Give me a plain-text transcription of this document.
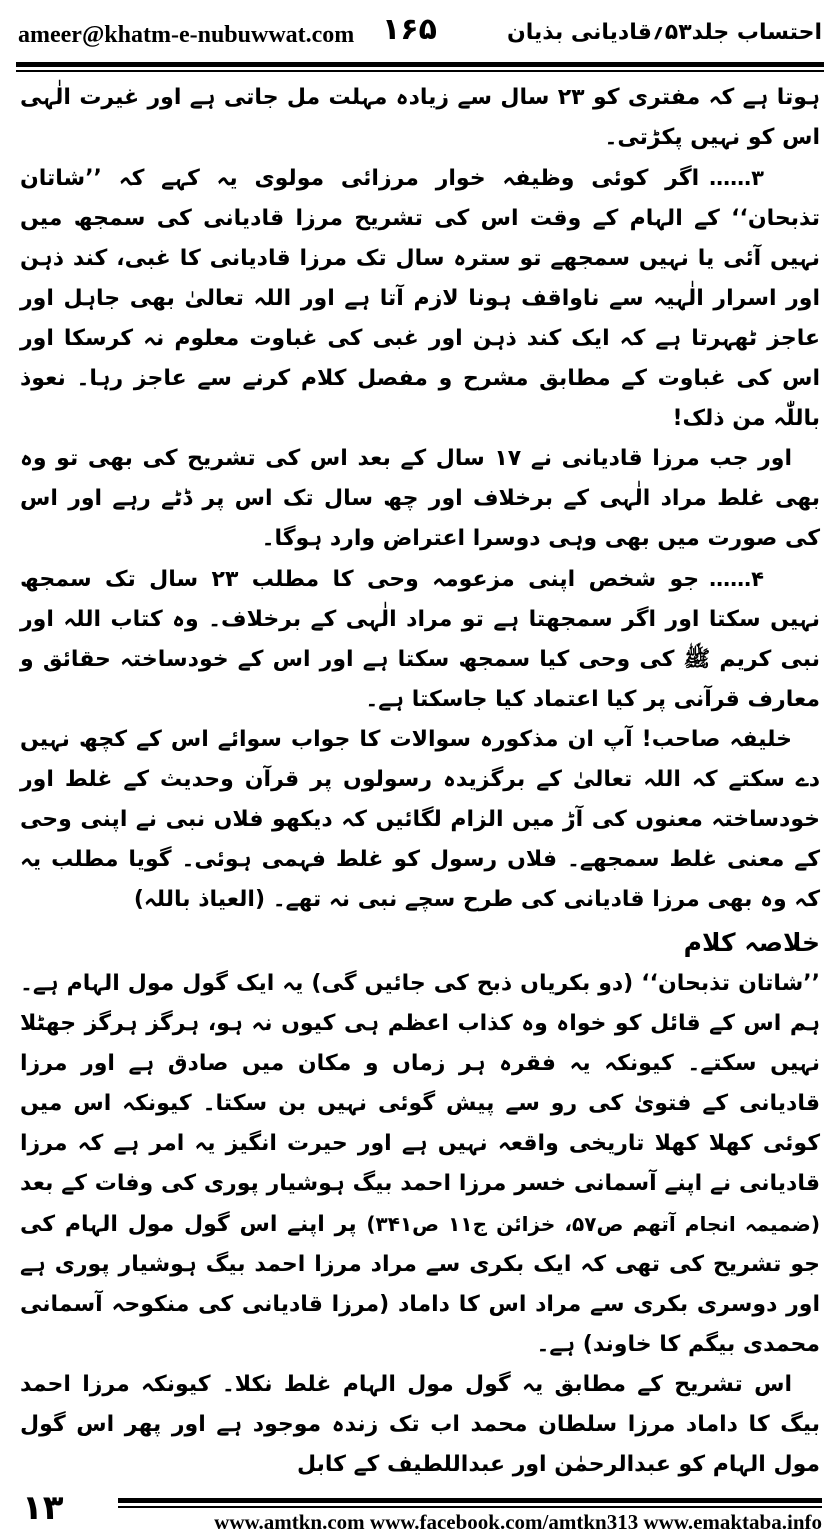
ameer@khatm-e-nubuwwat.com ۱۶۵	احتساب جلد۵۳؍قادیانی بذیان

ہوتا ہے کہ مفتری کو ۲۳ سال سے زیادہ مہلت مل جاتی ہے اور غیرت الٰہی اس کو نہیں پکڑتی۔

۳……اگر کوئی وظیفہ خوار مرزائی مولوی یہ کہے کہ ’’شاتان تذبحان‘‘ کے الہام کے وقت اس کی تشریح مرزا قادیانی کی سمجھ میں نہیں آئی یا نہیں سمجھے تو سترہ سال تک مرزا قادیانی کا غبی، کند ذہن اور اسرار الٰہیہ سے ناواقف ہونا لازم آتا ہے اور اللہ تعالیٰ بھی جاہل اور عاجز ٹھہرتا ہے کہ ایک کند ذہن اور غبی کی غباوت معلوم نہ کرسکا اور اس کی غباوت کے مطابق مشرح و مفصل کلام کرنے سے عاجز رہا۔ نعوذ باللّٰہ من ذلک!

اور جب مرزا قادیانی نے ۱۷ سال کے بعد اس کی تشریح کی بھی تو وہ بھی غلط مراد الٰہی کے برخلاف اور چھ سال تک اس پر ڈٹے رہے اور اس کی صورت میں بھی وہی دوسرا اعتراض وارد ہوگا۔

۴……جو شخص اپنی مزعومہ وحی کا مطلب ۲۳ سال تک سمجھ نہیں سکتا اور اگر سمجھتا ہے تو مراد الٰہی کے برخلاف۔ وہ کتاب اللہ اور نبی کریم ﷺ کی وحی کیا سمجھ سکتا ہے اور اس کے خودساختہ حقائق و معارف قرآنی پر کیا اعتماد کیا جاسکتا ہے۔

خلیفہ صاحب! آپ ان مذکورہ سوالات کا جواب سوائے اس کے کچھ نہیں دے سکتے کہ اللہ تعالیٰ کے برگزیدہ رسولوں پر قرآن وحدیث کے غلط اور خودساختہ معنوں کی آڑ میں الزام لگائیں کہ دیکھو فلاں نبی نے اپنی وحی کے معنی غلط سمجھے۔ فلاں رسول کو غلط فہمی ہوئی۔ گویا مطلب یہ کہ وہ بھی مرزا قادیانی کی طرح سچے نبی نہ تھے۔ (العیاذ باللہ)

خلاصہ کلام

’’شاتان تذبحان‘‘ (دو بکریاں ذبح کی جائیں گی) یہ ایک گول مول الہام ہے۔ ہم اس کے قائل کو خواہ وہ کذاب اعظم ہی کیوں نہ ہو، ہرگز ہرگز جھٹلا نہیں سکتے۔ کیونکہ یہ فقرہ ہر زماں و مکان میں صادق ہے اور مرزا قادیانی کے فتویٰ کی رو سے پیش گوئی نہیں بن سکتا۔ کیونکہ اس میں کوئی کھلا کھلا تاریخی واقعہ نہیں ہے اور حیرت انگیز یہ امر ہے کہ مرزا قادیانی نے اپنے آسمانی خسر مرزا احمد بیگ ہوشیار پوری کی وفات کے بعد (ضمیمہ انجام آتھم ص۵۷، خزائن ج۱۱ ص۳۴۱) پر اپنے اس گول مول الہام کی جو تشریح کی تھی کہ ایک بکری سے مراد مرزا احمد بیگ ہوشیار پوری ہے اور دوسری بکری سے مراد اس کا داماد (مرزا قادیانی کی منکوحہ آسمانی محمدی بیگم کا خاوند) ہے۔

اس تشریح کے مطابق یہ گول مول الہام غلط نکلا۔ کیونکہ مرزا احمد بیگ کا داماد مرزا سلطان محمد اب تک زندہ موجود ہے اور پھر اس گول مول الہام کو عبدالرحمٰن اور عبداللطیف کے کابل

۱۳	www.amtkn.com www.facebook.com/amtkn313 www.emaktaba.info
